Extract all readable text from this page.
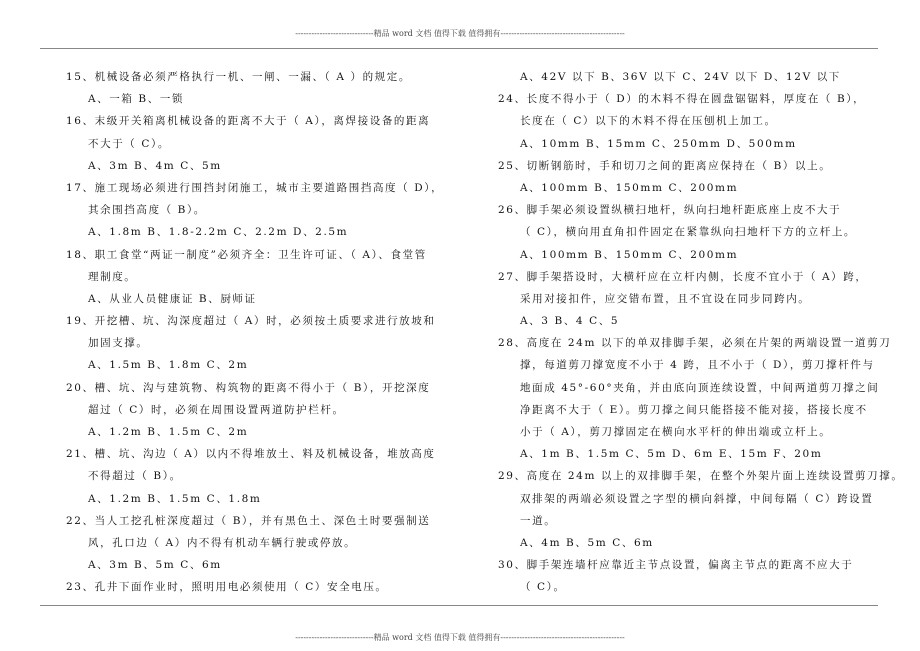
-----------------------------精品 word 文档 值得下载 值得拥有----------------------------------------------
15、机械设备必须严格执行一机、一闸、一漏、（ A ）的规定。
A、一箱 B、一锁
16、末级开关箱离机械设备的距离不大于（ A），离焊接设备的距离
不大于（ C）。
A、3m B、4m C、5m
17、施工现场必须进行围挡封闭施工，城市主要道路围挡高度（ D），
其余围挡高度（ B）。
A、1.8m B、1.8-2.2m C、2.2m D、2.5m
18、职工食堂“两证一制度”必须齐全：卫生许可证、（ A）、食堂管
理制度。
A、从业人员健康证 B、厨师证
19、开挖槽、坑、沟深度超过（ A）时，必须按土质要求进行放坡和
加固支撑。
A、1.5m B、1.8m C、2m
20、槽、坑、沟与建筑物、构筑物的距离不得小于（ B），开挖深度
超过（ C）时，必须在周围设置两道防护栏杆。
A、1.2m B、1.5m C、2m
21、槽、坑、沟边（ A）以内不得堆放土、料及机械设备，堆放高度
不得超过（ B）。
A、1.2m B、1.5m C、1.8m
22、当人工挖孔桩深度超过（ B），并有黑色土、深色土时要强制送
风，孔口边（ A）内不得有机动车辆行驶或停放。
A、3m B、5m C、6m
23、孔井下面作业时，照明用电必须使用（ C）安全电压。
A、42V 以下 B、36V 以下 C、24V 以下 D、12V 以下
24、长度不得小于（ D）的木料不得在圆盘锯锯料，厚度在（ B），
长度在（ C）以下的木料不得在压刨机上加工。
A、10mm B、15mm C、250mm D、500mm
25、切断钢筋时，手和切刀之间的距离应保持在（ B）以上。
A、100mm B、150mm C、200mm
26、脚手架必须设置纵横扫地杆，纵向扫地杆距底座上皮不大于
（ C），横向用直角扣件固定在紧靠纵向扫地杆下方的立杆上。
A、100mm B、150mm C、200mm
27、脚手架搭设时，大横杆应在立杆内侧，长度不宜小于（ A）跨，
采用对接扣件，应交错布置，且不宜设在同步同跨内。
A、3 B、4 C、5
28、高度在 24m 以下的单双排脚手架，必须在片架的两端设置一道剪刀
撑，每道剪刀撑宽度不小于 4 跨，且不小于（ D），剪刀撑杆件与
地面成 45°-60°夹角，并由底向顶连续设置，中间两道剪刀撑之间
净距离不大于（ E）。剪刀撑之间只能搭接不能对接，搭接长度不
小于（ A），剪刀撑固定在横向水平杆的伸出端或立杆上。
A、1m B、1.5m C、5m D、6m E、15m F、20m
29、高度在 24m 以上的双排脚手架，在整个外架片面上连续设置剪刀撑。
双排架的两端必须设置之字型的横向斜撑，中间每隔（ C）跨设置
一道。
A、4m B、5m C、6m
30、脚手架连墙杆应靠近主节点设置，偏离主节点的距离不应大于
（ C）。
-----------------------------精品 word 文档 值得下载 值得拥有----------------------------------------------
